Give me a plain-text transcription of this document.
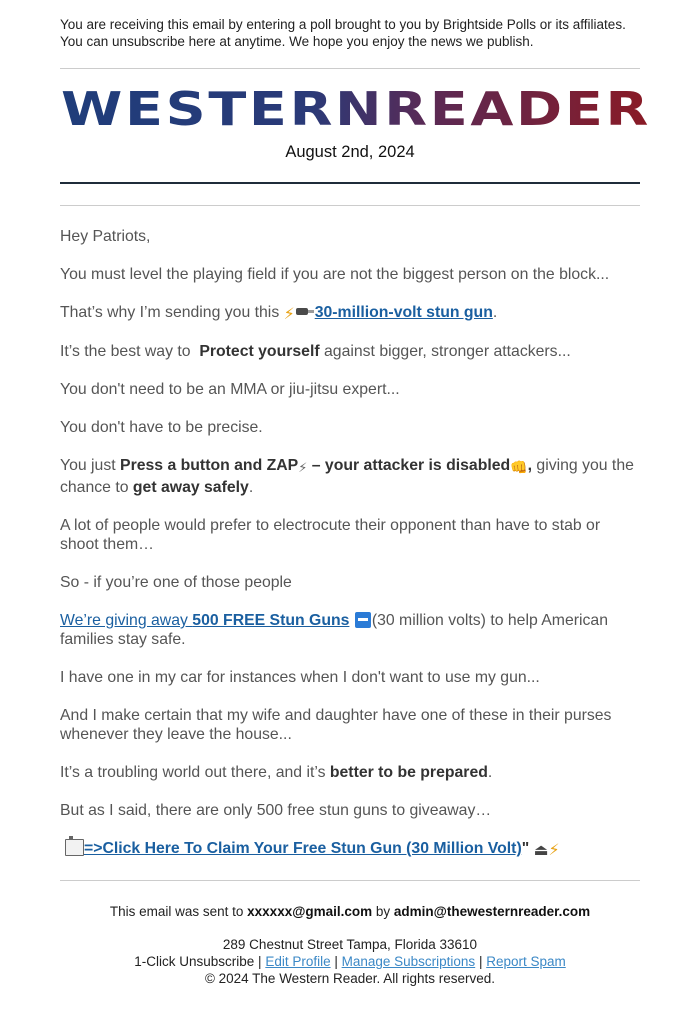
You are receiving this email by entering a poll brought to you by Brightside Polls or its affiliates. You can unsubscribe here at anytime. We hope you enjoy the news we publish.

WESTERNREADER

August 2nd, 2024

Hey Patriots,

You must level the playing field if you are not the biggest person on the block...

That’s why I’m sending you this ⚡ 30-million-volt stun gun.

It’s the best way to  Protect yourself against bigger, stronger attackers...

You don't need to be an MMA or jiu-jitsu expert...

You don't have to be precise.

You just Press a button and ZAP⚡ – your attacker is disabled👊, giving you the chance to get away safely.

A lot of people would prefer to electrocute their opponent than have to stab or shoot them…

So - if you’re one of those people

We’re giving away 500 FREE Stun Guns (30 million volts) to help American families stay safe.

I have one in my car for instances when I don't want to use my gun...

And I make certain that my wife and daughter have one of these in their purses whenever they leave the house...

It’s a troubling world out there, and it’s better to be prepared.

But as I said, there are only 500 free stun guns to giveaway…

=>Click Here To Claim Your Free Stun Gun (30 Million Volt)" ⏏⚡

This email was sent to xxxxxx@gmail.com by admin@thewesternreader.com

289 Chestnut Street Tampa, Florida 33610

1-Click Unsubscribe | Edit Profile | Manage Subscriptions | Report Spam

© 2024 The Western Reader. All rights reserved.
